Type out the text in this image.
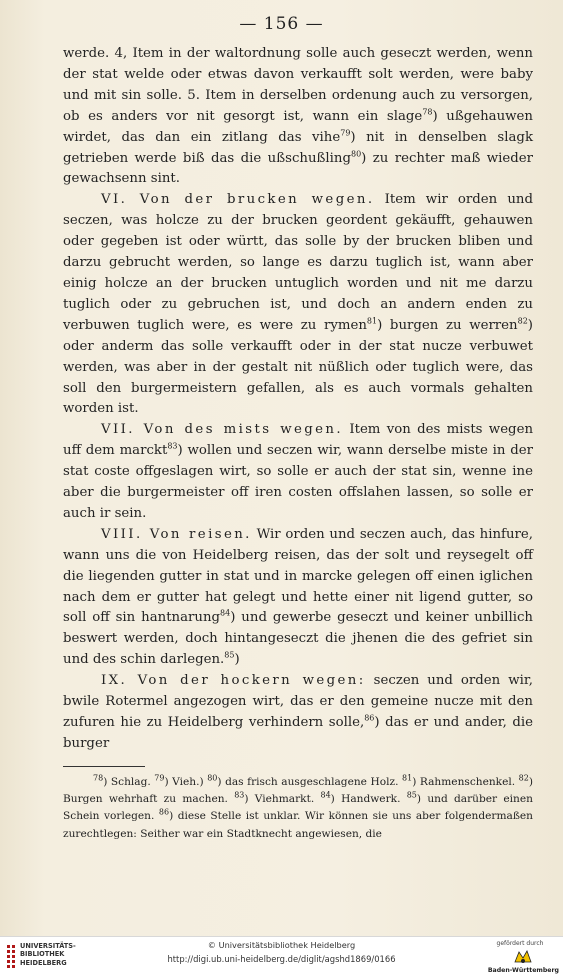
— 156 —

werde. 4, Item in der waltordnung solle auch geseczt werden, wenn der stat welde oder etwas davon verkaufft solt werden, were baby und mit sin solle. 5. Item in derselben ordenung auch zu versorgen, ob es anders vor nit gesorgt ist, wann ein slage$^{78}$) ußgehauwen wirdet, das dan ein zitlang das vihe$^{79}$) nit in denselben slagk getrieben werde biß das die ußschußling$^{80}$) zu rechter maß wieder gewachsenn sint.

VI. Von der brucken wegen. Item wir orden und seczen, was holcze zu der brucken geordent gekäufft, gehauwen oder gegeben ist oder württ, das solle by der brucken bliben und darzu gebrucht werden, so lange es darzu tuglich ist, wann aber einig holcze an der brucken untuglich worden und nit me darzu tuglich oder zu gebruchen ist, und doch an andern enden zu verbuwen tuglich were, es were zu rymen$^{81}$) burgen zu werren$^{82}$) oder anderm das solle verkaufft oder in der stat nucze verbuwet werden, was aber in der gestalt nit nüßlich oder tuglich were, das soll den burgermeistern gefallen, als es auch vormals gehalten worden ist.

VII. Von des mists wegen. Item von des mists wegen uff dem marckt$^{83}$) wollen und seczen wir, wann derselbe miste in der stat coste offgeslagen wirt, so solle er auch der stat sin, wenne ine aber die burgermeister off iren costen offslahen lassen, so solle er auch ir sein.

VIII. Von reisen. Wir orden und seczen auch, das hinfure, wann uns die von Heidelberg reisen, das der solt und reysegelt off die liegenden gutter in stat und in marcke gelegen off einen iglichen nach dem er gutter hat gelegt und hette einer nit ligend gutter, so soll off sin hantnarung$^{84}$) und gewerbe geseczt und keiner unbillich beswert werden, doch hintangeseczt die jhenen die des gefriet sin und des schin darlegen.$^{85}$)

IX. Von der hockern wegen: seczen und orden wir, bwile Rotermel angezogen wirt, das er den gemeine nucze mit den zufuren hie zu Heidelberg verhindern solle,$^{86}$) das er und ander, die burger

$^{78}$) Schlag. $^{79}$) Vieh.) $^{80}$) das frisch ausgeschlagene Holz. $^{81}$) Rahmenschenkel. $^{82}$) Burgen wehrhaft zu machen. $^{83}$) Viehmarkt. $^{84}$) Handwerk. $^{85}$) und darüber einen Schein vorlegen. $^{86}$) diese Stelle ist unklar. Wir können sie uns aber folgendermaßen zurechtlegen: Seither war ein Stadtknecht angewiesen, die
UNIVERSITÄTS-
BIBLIOTHEK
HEIDELBERG
© Universitätsbibliothek Heidelberg
http://digi.ub.uni-heidelberg.de/diglit/agshd1869/0166
gefördert durch
Baden-Württemberg
